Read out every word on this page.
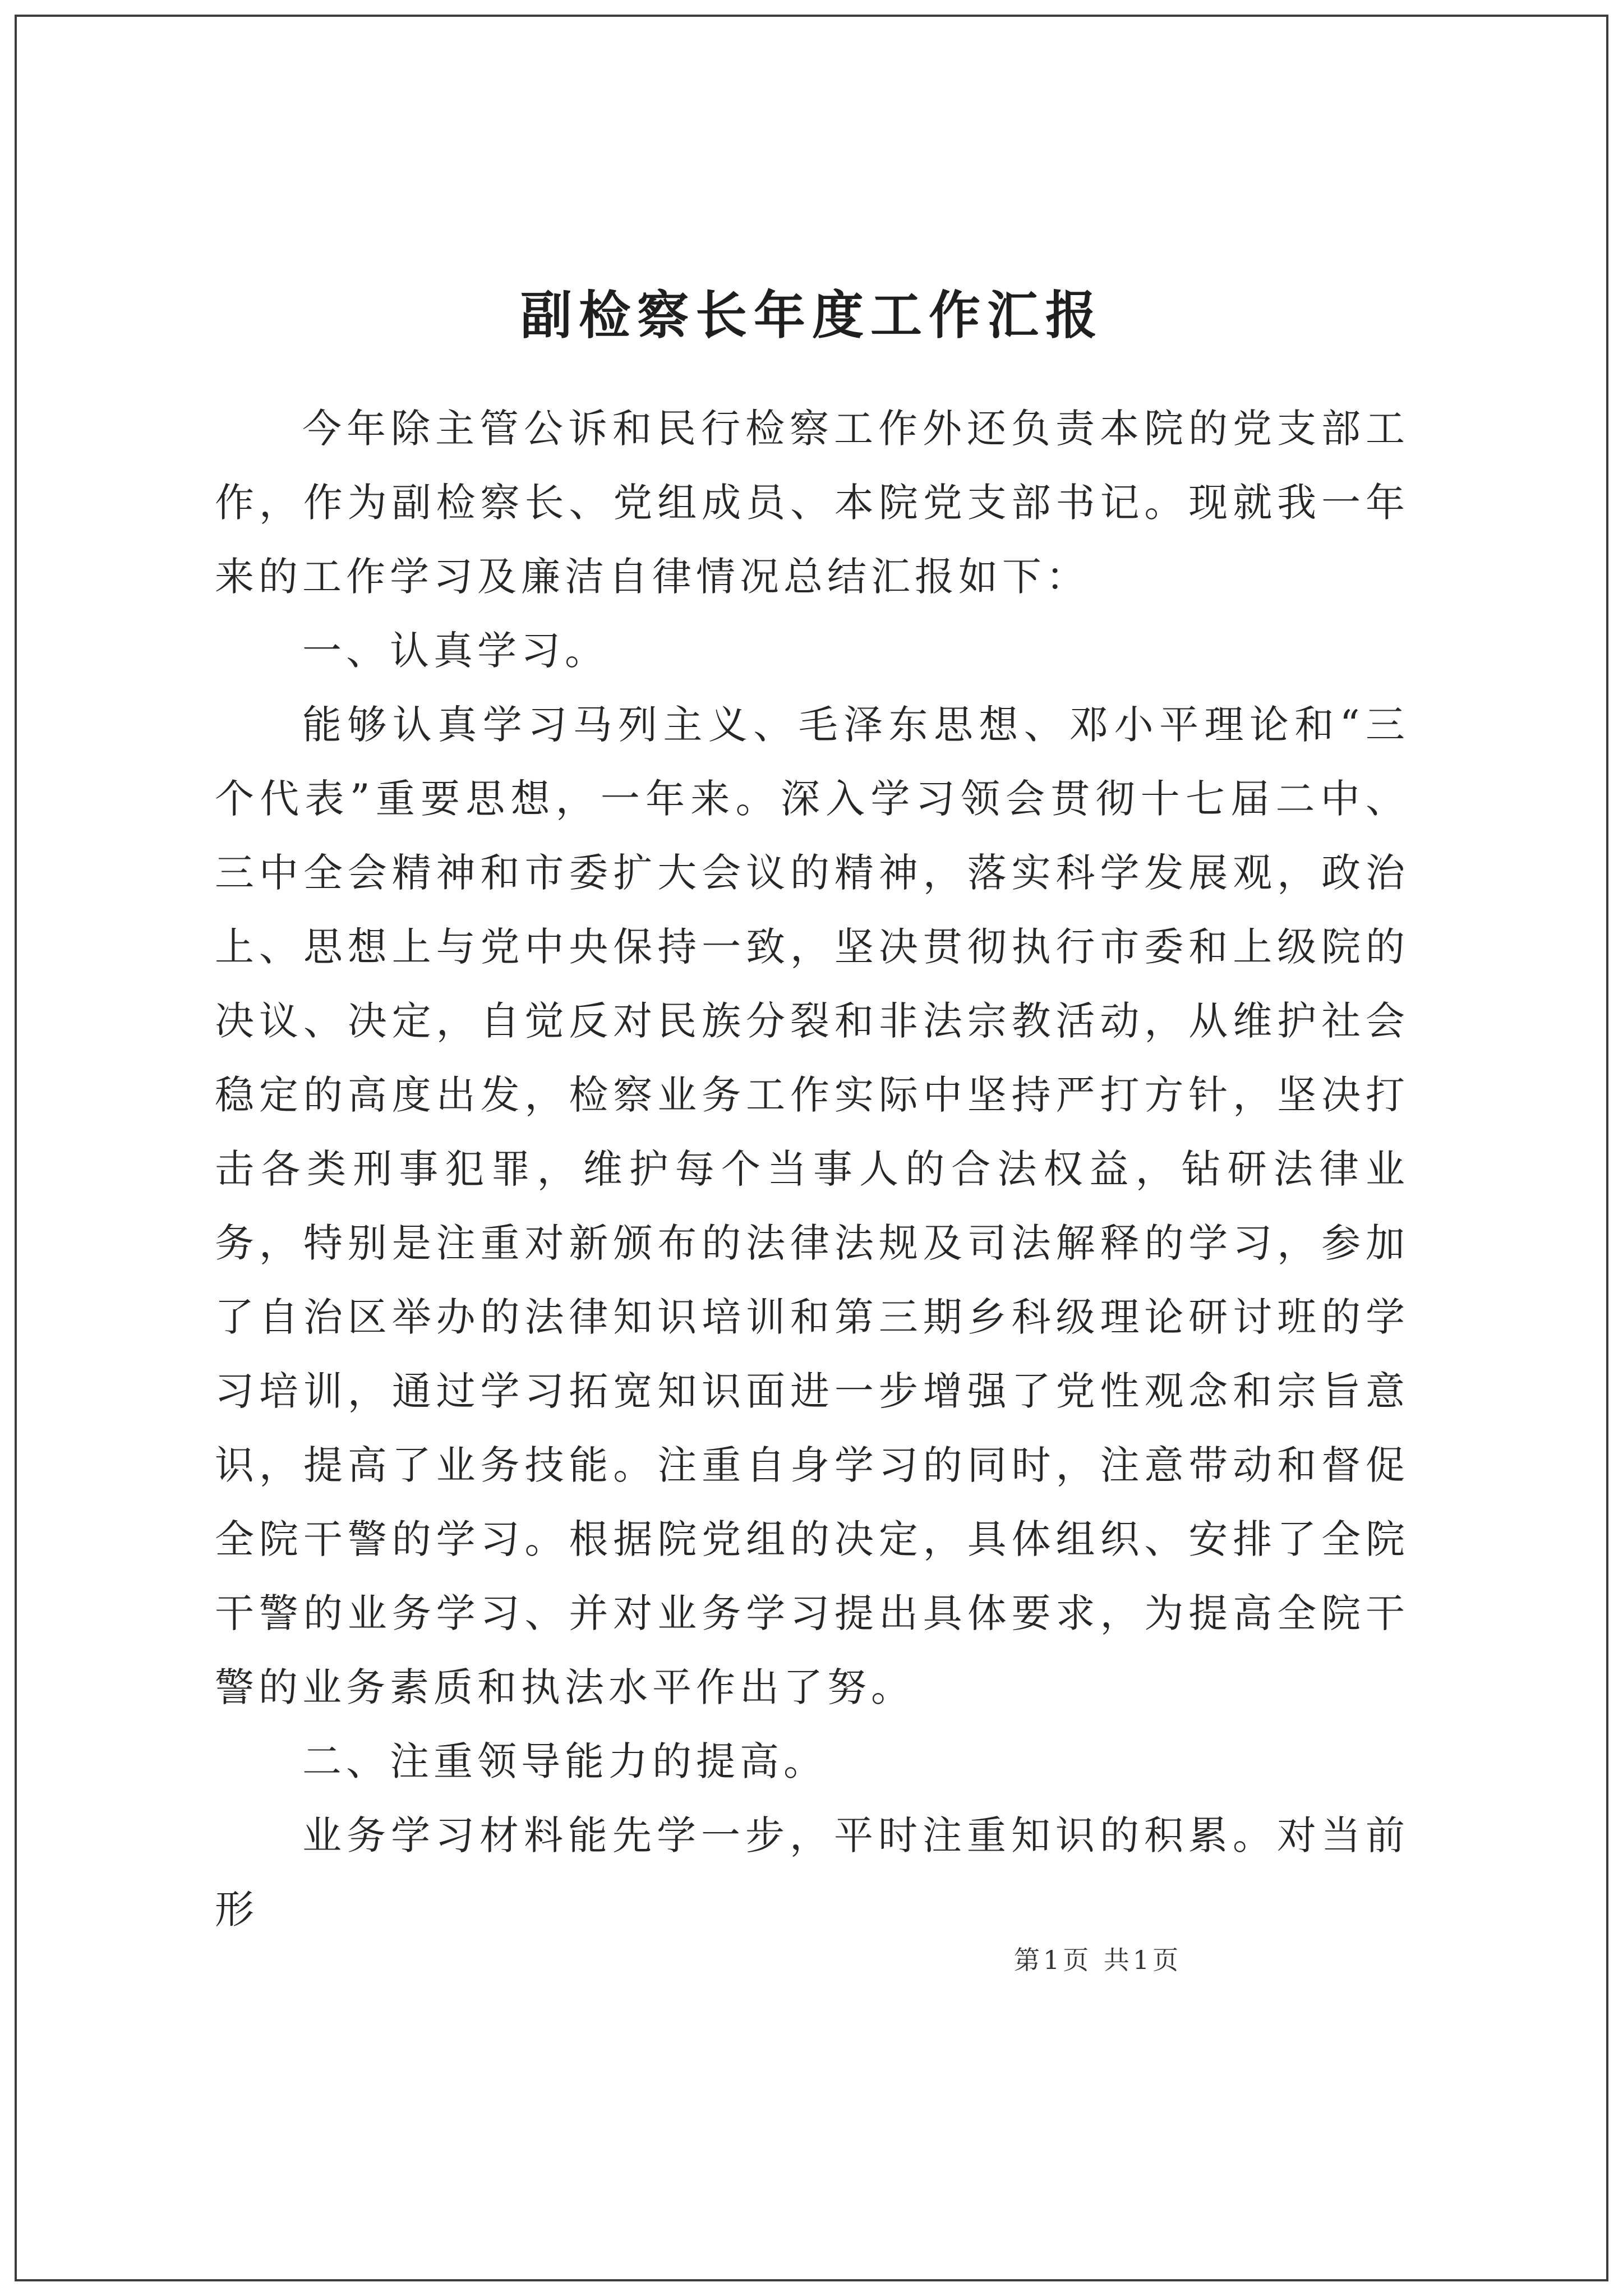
副检察长年度工作汇报

今年除主管公诉和民行检察工作外还负责本院的党支部工作，作为副检察长、党组成员、本院党支部书记。现就我一年来的工作学习及廉洁自律情况总结汇报如下：

一、认真学习。

能够认真学习马列主义、毛泽东思想、邓小平理论和“三个代表”重要思想，一年来。深入学习领会贯彻十七届二中、三中全会精神和市委扩大会议的精神，落实科学发展观，政治上、思想上与党中央保持一致，坚决贯彻执行市委和上级院的决议、决定，自觉反对民族分裂和非法宗教活动，从维护社会稳定的高度出发，检察业务工作实际中坚持严打方针，坚决打击各类刑事犯罪，维护每个当事人的合法权益，钻研法律业务，特别是注重对新颁布的法律法规及司法解释的学习，参加了自治区举办的法律知识培训和第三期乡科级理论研讨班的学习培训，通过学习拓宽知识面进一步增强了党性观念和宗旨意识，提高了业务技能。注重自身学习的同时，注意带动和督促全院干警的学习。根据院党组的决定，具体组织、安排了全院干警的业务学习、并对业务学习提出具体要求，为提高全院干警的业务素质和执法水平作出了努。

二、注重领导能力的提高。

业务学习材料能先学一步，平时注重知识的积累。对当前形

第1页 共1页
